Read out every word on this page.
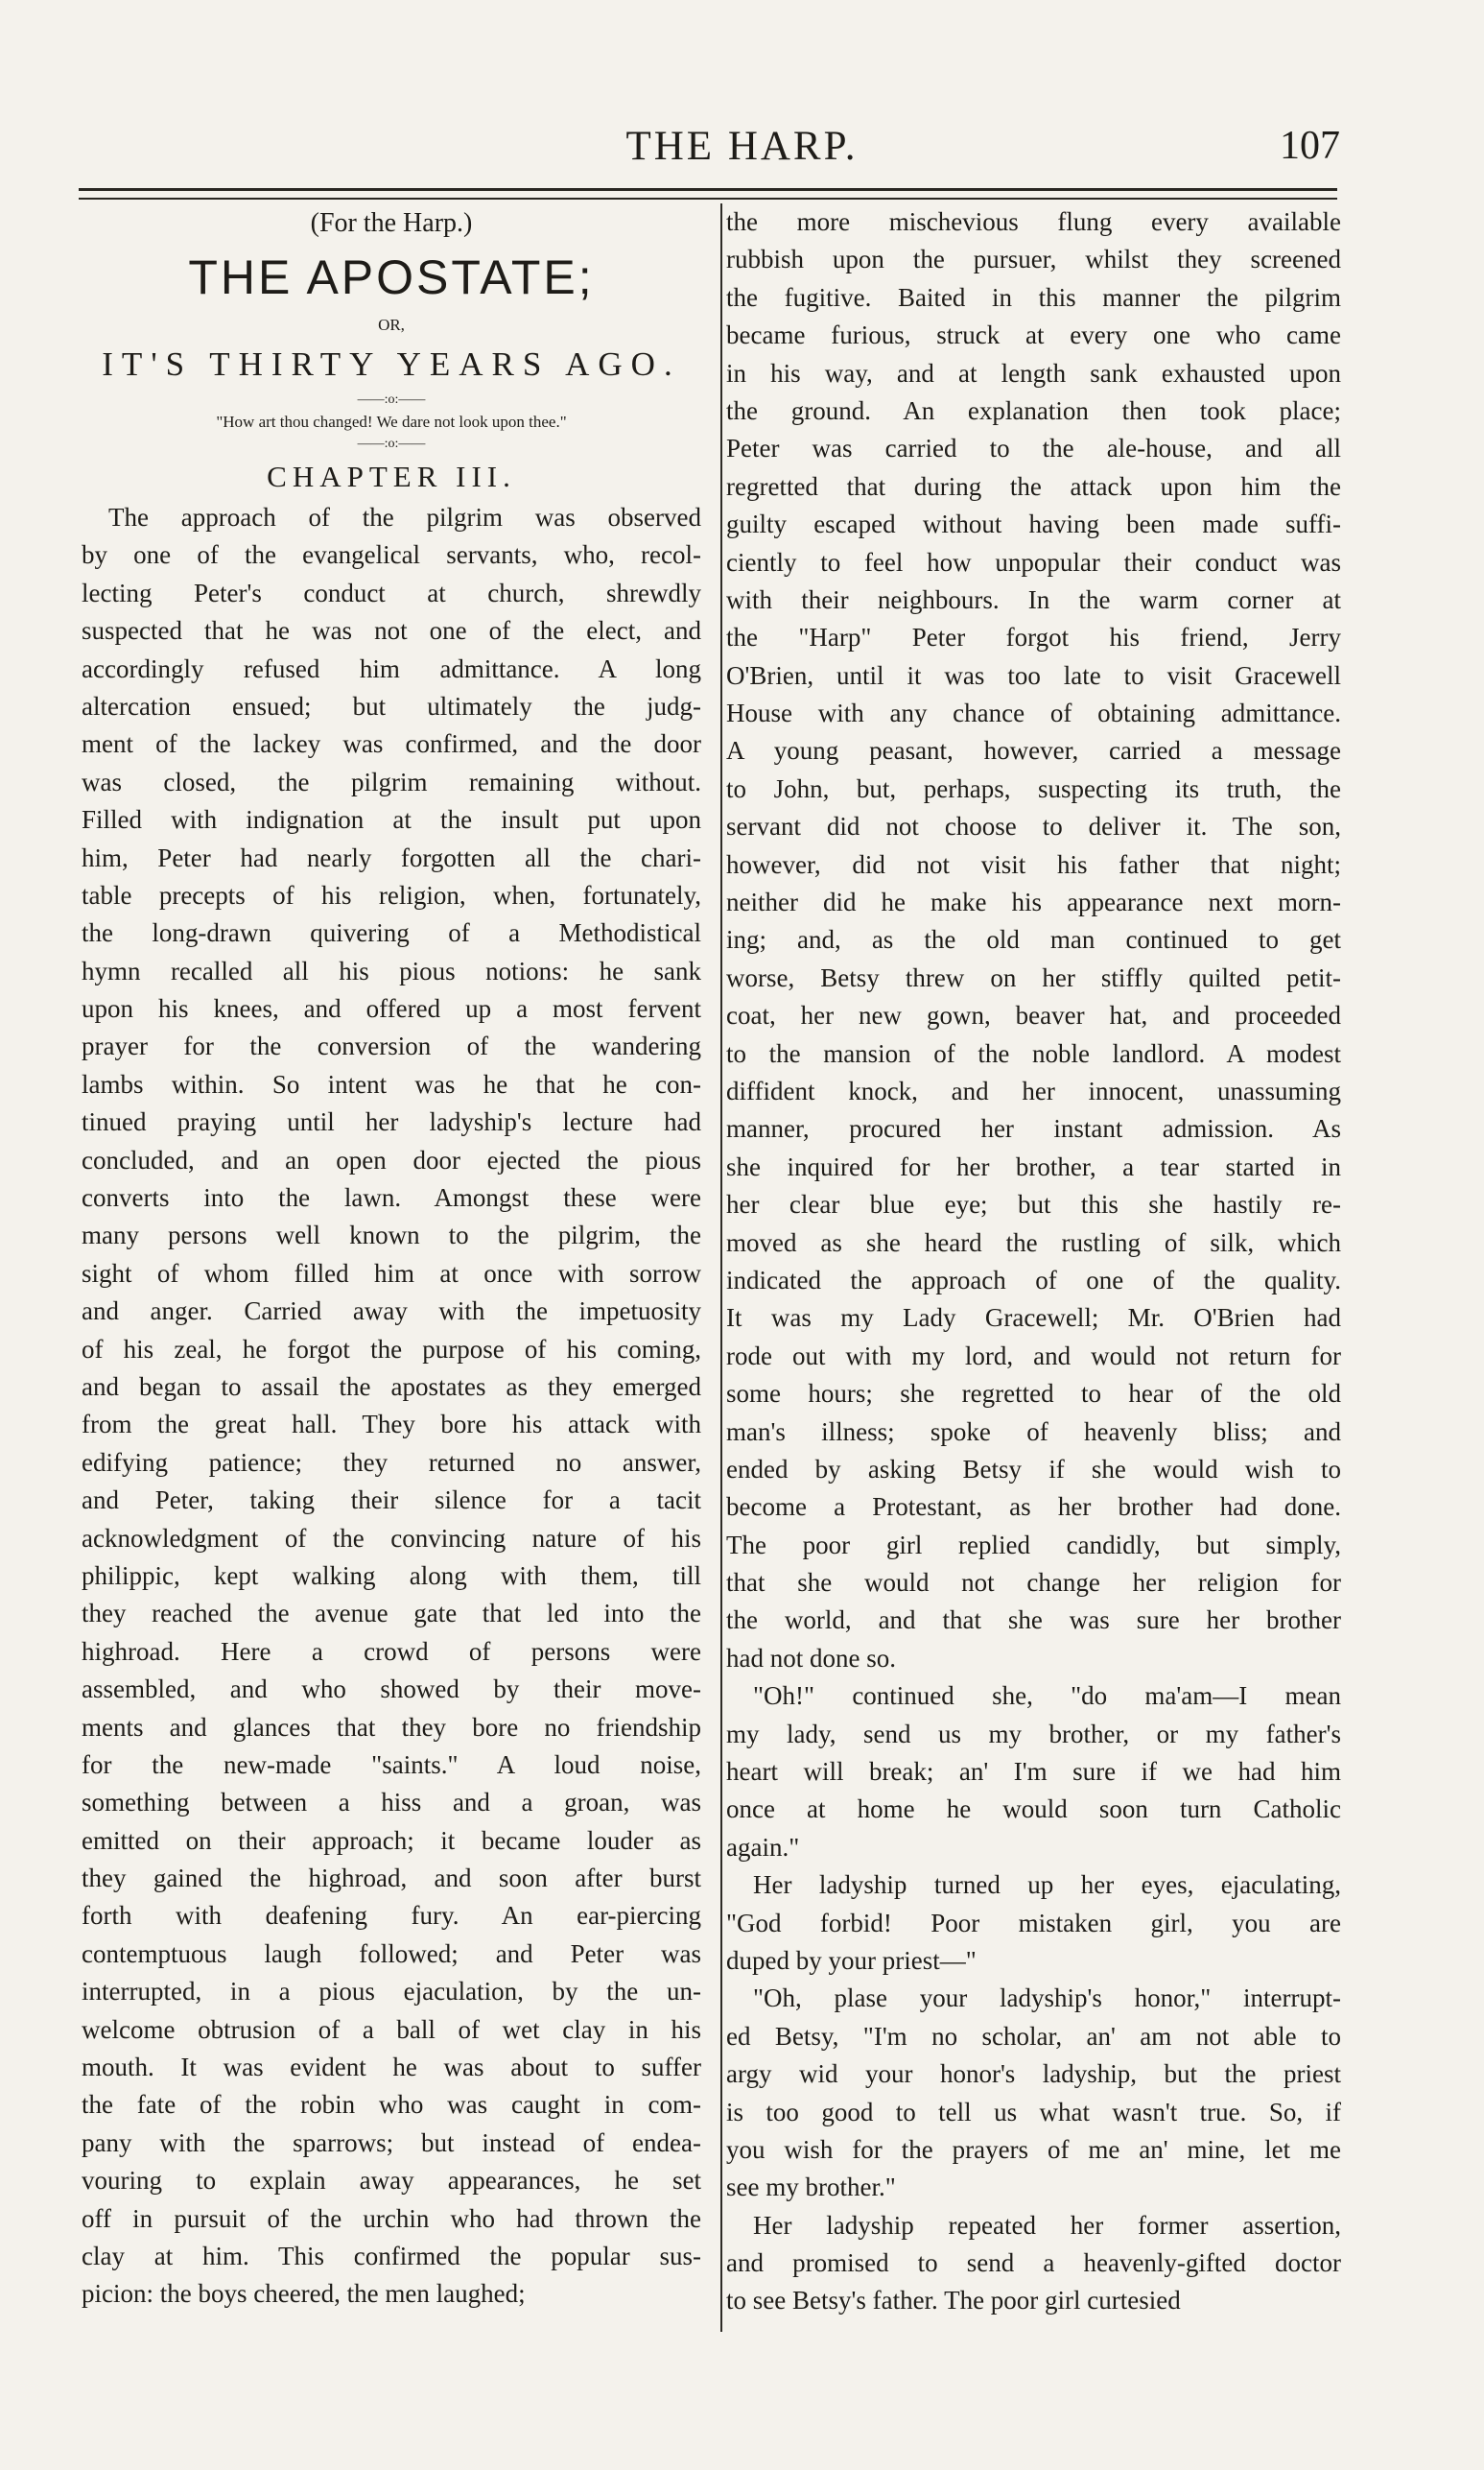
THE HARP.	107
(For the Harp.)
THE APOSTATE;
OR,
IT'S THIRTY YEARS AGO.
——:o:——
"How art thou changed! We dare not look upon thee."
——:o:——
CHAPTER III.
The approach of the pilgrim was observed
by one of the evangelical servants, who, recol-
lecting Peter's conduct at church, shrewdly
suspected that he was not one of the elect, and
accordingly refused him admittance. A long
altercation ensued; but ultimately the judg-
ment of the lackey was confirmed, and the door
was closed, the pilgrim remaining without.
Filled with indignation at the insult put upon
him, Peter had nearly forgotten all the chari-
table precepts of his religion, when, fortunately,
the long-drawn quivering of a Methodistical
hymn recalled all his pious notions: he sank
upon his knees, and offered up a most fervent
prayer for the conversion of the wandering
lambs within. So intent was he that he con-
tinued praying until her ladyship's lecture had
concluded, and an open door ejected the pious
converts into the lawn. Amongst these were
many persons well known to the pilgrim, the
sight of whom filled him at once with sorrow
and anger. Carried away with the impetuosity
of his zeal, he forgot the purpose of his coming,
and began to assail the apostates as they emerged
from the great hall. They bore his attack with
edifying patience; they returned no answer,
and Peter, taking their silence for a tacit
acknowledgment of the convincing nature of his
philippic, kept walking along with them, till
they reached the avenue gate that led into the
highroad. Here a crowd of persons were
assembled, and who showed by their move-
ments and glances that they bore no friendship
for the new-made "saints." A loud noise,
something between a hiss and a groan, was
emitted on their approach; it became louder as
they gained the highroad, and soon after burst
forth with deafening fury. An ear-piercing
contemptuous laugh followed; and Peter was
interrupted, in a pious ejaculation, by the un-
welcome obtrusion of a ball of wet clay in his
mouth. It was evident he was about to suffer
the fate of the robin who was caught in com-
pany with the sparrows; but instead of endea-
vouring to explain away appearances, he set
off in pursuit of the urchin who had thrown the
clay at him. This confirmed the popular sus-
picion: the boys cheered, the men laughed;
the more mischevious flung every available
rubbish upon the pursuer, whilst they screened
the fugitive. Baited in this manner the pilgrim
became furious, struck at every one who came
in his way, and at length sank exhausted upon
the ground. An explanation then took place;
Peter was carried to the ale-house, and all
regretted that during the attack upon him the
guilty escaped without having been made suffi-
ciently to feel how unpopular their conduct was
with their neighbours. In the warm corner at
the "Harp" Peter forgot his friend, Jerry
O'Brien, until it was too late to visit Gracewell
House with any chance of obtaining admittance.
A young peasant, however, carried a message
to John, but, perhaps, suspecting its truth, the
servant did not choose to deliver it. The son,
however, did not visit his father that night;
neither did he make his appearance next morn-
ing; and, as the old man continued to get
worse, Betsy threw on her stiffly quilted petit-
coat, her new gown, beaver hat, and proceeded
to the mansion of the noble landlord. A modest
diffident knock, and her innocent, unassuming
manner, procured her instant admission. As
she inquired for her brother, a tear started in
her clear blue eye; but this she hastily re-
moved as she heard the rustling of silk, which
indicated the approach of one of the quality.
It was my Lady Gracewell; Mr. O'Brien had
rode out with my lord, and would not return for
some hours; she regretted to hear of the old
man's illness; spoke of heavenly bliss; and
ended by asking Betsy if she would wish to
become a Protestant, as her brother had done.
The poor girl replied candidly, but simply,
that she would not change her religion for
the world, and that she was sure her brother
had not done so.
"Oh!" continued she, "do ma'am—I mean
my lady, send us my brother, or my father's
heart will break; an' I'm sure if we had him
once at home he would soon turn Catholic
again."
Her ladyship turned up her eyes, ejaculating,
"God forbid! Poor mistaken girl, you are
duped by your priest—"
"Oh, plase your ladyship's honor," interrupt-
ed Betsy, "I'm no scholar, an' am not able to
argy wid your honor's ladyship, but the priest
is too good to tell us what wasn't true. So, if
you wish for the prayers of me an' mine, let me
see my brother."
Her ladyship repeated her former assertion,
and promised to send a heavenly-gifted doctor
to see Betsy's father. The poor girl curtesied
